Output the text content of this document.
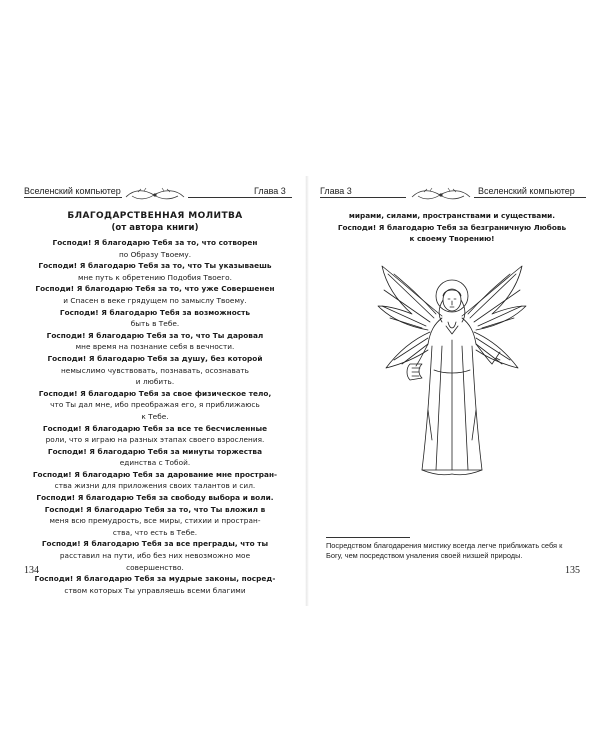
Вселенский компьютер	Глава 3
БЛАГОДАРСТВЕННАЯ МОЛИТВА
(от автора книги)
Господи! Я благодарю Тебя за то, что сотворен
по Образу Твоему.
Господи! Я благодарю Тебя за то, что Ты указываешь
мне путь к обретению Подобия Твоего.
Господи! Я благодарю Тебя за то, что уже Совершенен
и Спасен в веке грядущем по замыслу Твоему.
Господи! Я благодарю Тебя за возможность
быть в Тебе.
Господи! Я благодарю Тебя за то, что Ты даровал
мне время на познание себя в вечности.
Господи! Я благодарю Тебя за душу, без которой
немыслимо чувствовать, познавать, осознавать
и любить.
Господи! Я благодарю Тебя за свое физическое тело,
что Ты дал мне, ибо преображая его, я приближаюсь
к Тебе.
Господи! Я благодарю Тебя за все те бесчисленные
роли, что я играю на разных этапах своего взросления.
Господи! Я благодарю Тебя за минуты торжества
единства с Тобой.
Господи! Я благодарю Тебя за дарование мне простран-
ства жизни для приложения своих талантов и сил.
Господи! Я благодарю Тебя за свободу выбора и воли.
Господи! Я благодарю Тебя за то, что Ты вложил в
меня всю премудрость, все миры, стихии и простран-
ства, что есть в Тебе.
Господи! Я благодарю Тебя за все преграды, что ты
расставил на пути, ибо без них невозможно мое
совершенство.
Господи! Я благодарю Тебя за мудрые законы, посред-
ством которых Ты управляешь всеми благими
134
Глава 3	Вселенский компьютер
мирами, силами, пространствами и существами.
Господи! Я благодарю Тебя за безграничную Любовь
к своему Творению!
Посредством благодарения мистику всегда легче приближать себя к Богу, чем посредством уналения своей низшей природы.
135
